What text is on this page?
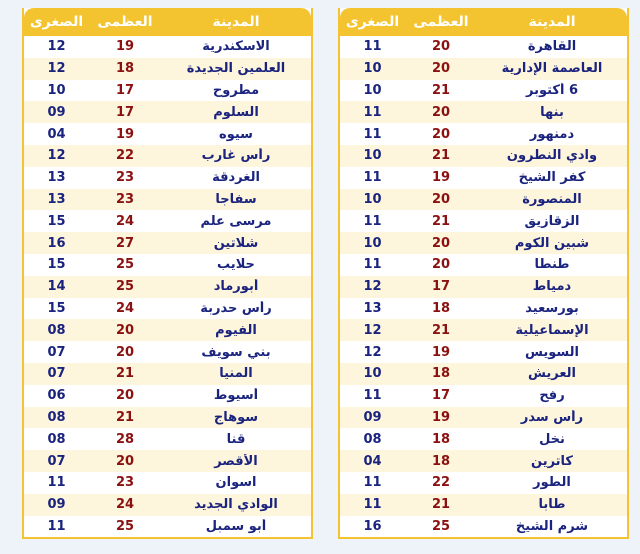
المدينة
العظمى
الصغرى
القاهرة
20
11
العاصمة الإدارية
20
10
6 أكتوبر
21
10
بنها
20
11
دمنهور
20
11
وادي النطرون
21
10
كفر الشيخ
19
11
المنصورة
20
10
الزقازيق
21
11
شبين الكوم
20
10
طنطا
20
11
دمياط
17
12
بورسعيد
18
13
الإسماعيلية
21
12
السويس
19
12
العريش
18
10
رفح
17
11
رأس سدر
19
09
نخل
18
08
كاترين
18
04
الطور
22
11
طابا
21
11
شرم الشيخ
25
16
المدينة
العظمى
الصغرى
الاسكندرية
19
12
العلمين الجديدة
18
12
مطروح
17
10
السلوم
17
09
سيوه
19
04
رأس غارب
22
12
الغردقة
23
13
سفاجا
23
13
مرسى علم
24
15
شلاتين
27
16
حلايب
25
15
أبورماد
25
14
رأس حدربة
24
15
الفيوم
20
08
بني سويف
20
07
المنيا
21
07
أسيوط
20
06
سوهاج
21
08
قنا
28
08
الأقصر
20
07
اسوان
23
11
الوادي الجديد
24
09
أبو سمبل
25
11
